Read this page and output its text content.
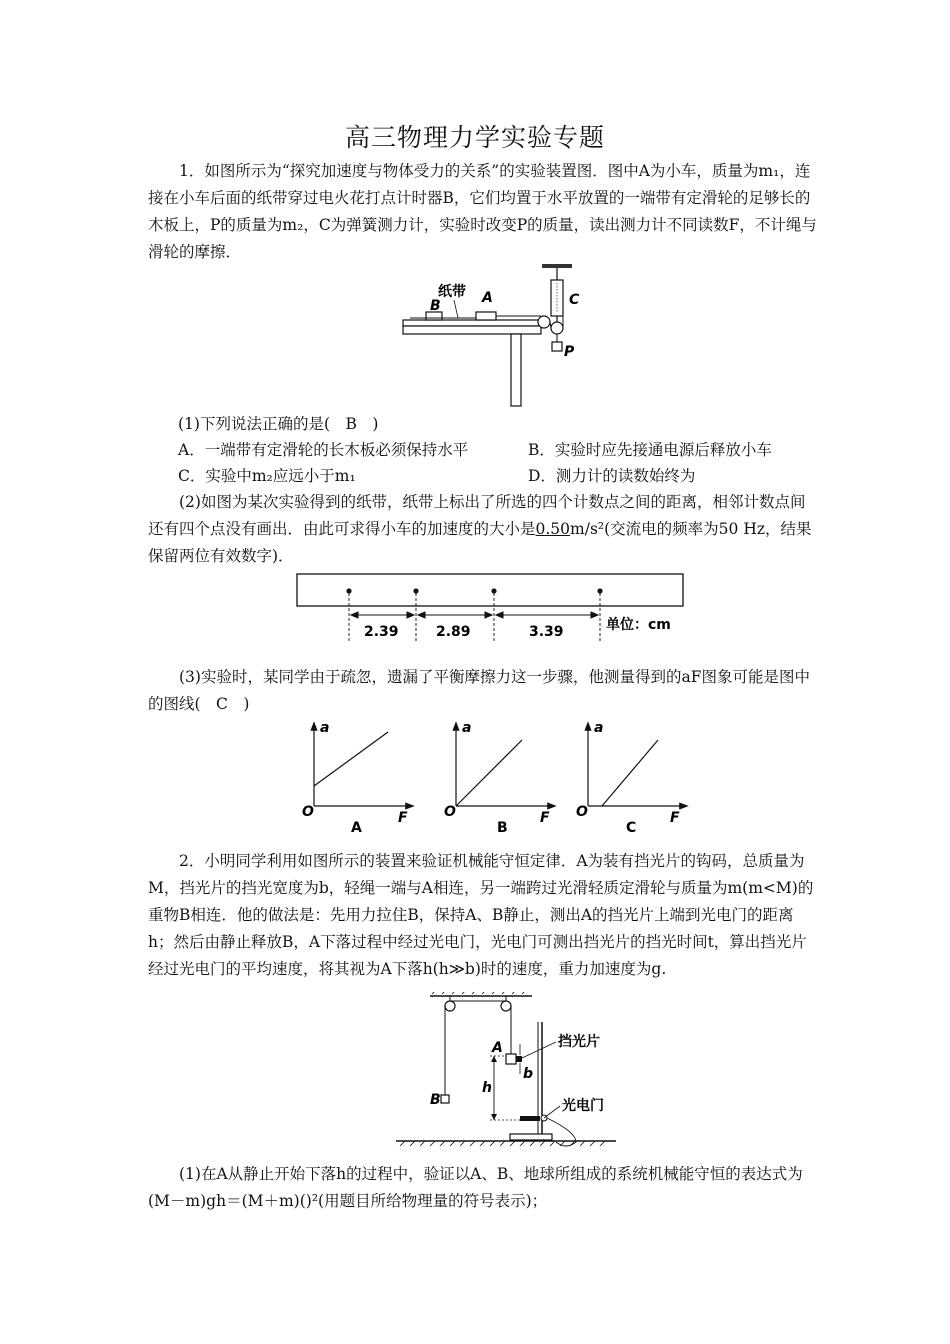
高三物理力学实验专题
1．如图所示为“探究加速度与物体受力的关系”的实验装置图．图中A为小车，质量为m₁，连接在小车后面的纸带穿过电火花打点计时器B，它们均置于水平放置的一端带有定滑轮的足够长的木板上，P的质量为m₂，C为弹簧测力计，实验时改变P的质量，读出测力计不同读数F，不计绳与滑轮的摩擦．
纸带
B	A	C
P
(1)下列说法正确的是(　B　)
A．一端带有定滑轮的长木板必须保持水平	B．实验时应先接通电源后释放小车
C．实验中m₂应远小于m₁	D．测力计的读数始终为
(2)如图为某次实验得到的纸带，纸带上标出了所选的四个计数点之间的距离，相邻计数点间还有四个点没有画出．由此可求得小车的加速度的大小是0.50m/s²(交流电的频率为50 Hz，结果保留两位有效数字)．
2.39	2.89	3.39	单位：cm
(3)实验时，某同学由于疏忽，遗漏了平衡摩擦力这一步骤，他测量得到的aF图象可能是图中的图线(　C　)
a
F
O
A
a
F
O
B
a
F
O
C
2．小明同学利用如图所示的装置来验证机械能守恒定律．A为装有挡光片的钩码，总质量为M，挡光片的挡光宽度为b，轻绳一端与A相连，另一端跨过光滑轻质定滑轮与质量为m(m<M)的重物B相连．他的做法是：先用力拉住B，保持A、B静止，测出A的挡光片上端到光电门的距离h；然后由静止释放B，A下落过程中经过光电门，光电门可测出挡光片的挡光时间t，算出挡光片经过光电门的平均速度，将其视为A下落h(h≫b)时的速度，重力加速度为g.
挡光片
光电门
A
B
b
h
(1)在A从静止开始下落h的过程中，验证以A、B、地球所组成的系统机械能守恒的表达式为(M－m)gh＝(M＋m)()²(用题目所给物理量的符号表示)；
